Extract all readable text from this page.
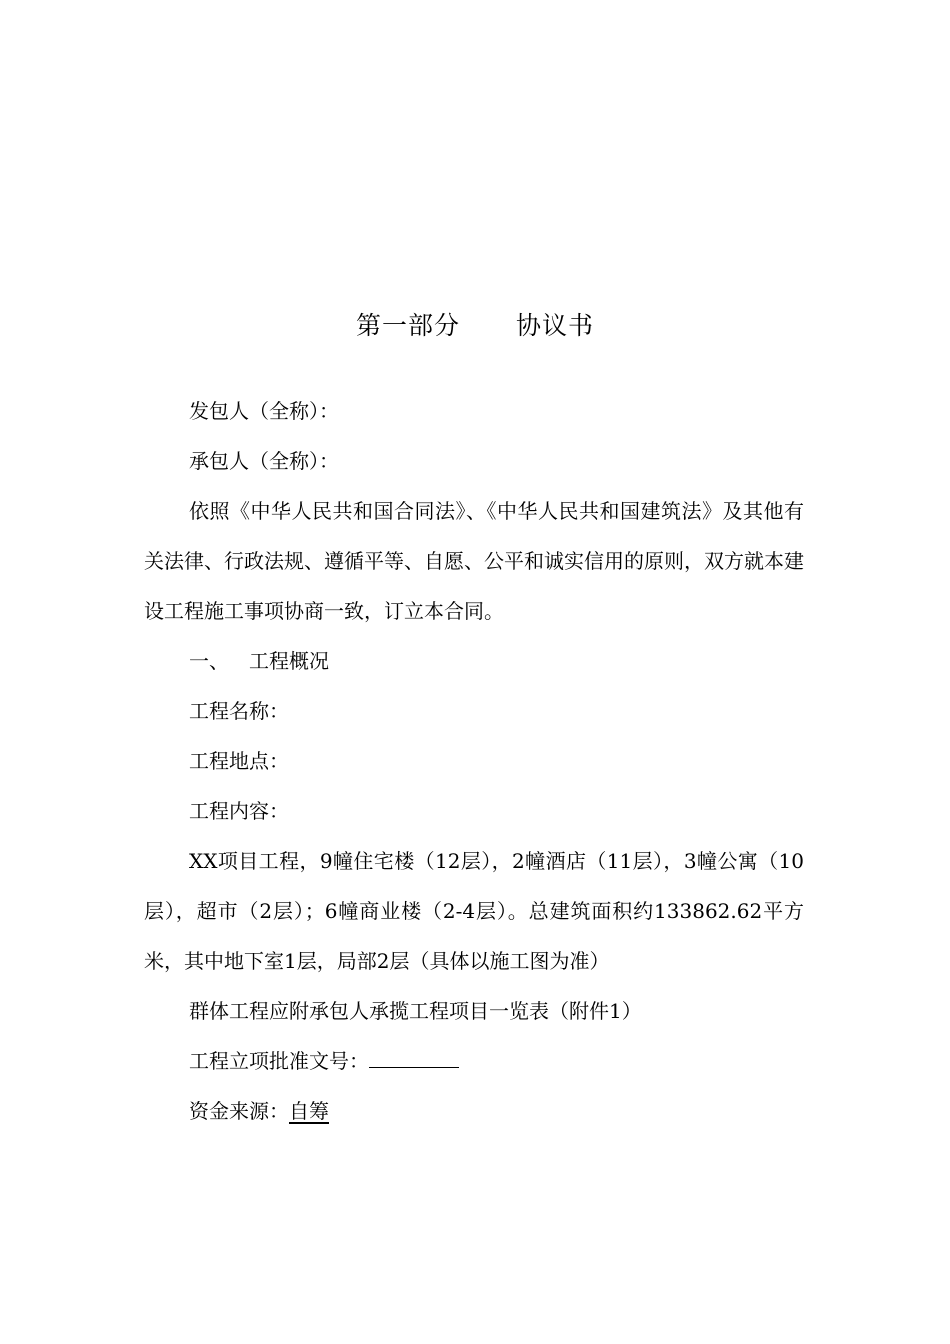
第一部分 协议书

发包人（全称）：

承包人（全称）：

依照《中华人民共和国合同法》、《中华人民共和国建筑法》及其他有关法律、行政法规、遵循平等、自愿、公平和诚实信用的原则，双方就本建设工程施工事项协商一致，订立本合同。

一、 工程概况

工程名称：

工程地点：

工程内容：

XX项目工程，9幢住宅楼（12层），2幢酒店（11层），3幢公寓（10层），超市（2层）；6幢商业楼（2-4层）。总建筑面积约133862.62平方米，其中地下室1层，局部2层（具体以施工图为准）

群体工程应附承包人承揽工程项目一览表（附件1）

工程立项批准文号：

资金来源：自筹
